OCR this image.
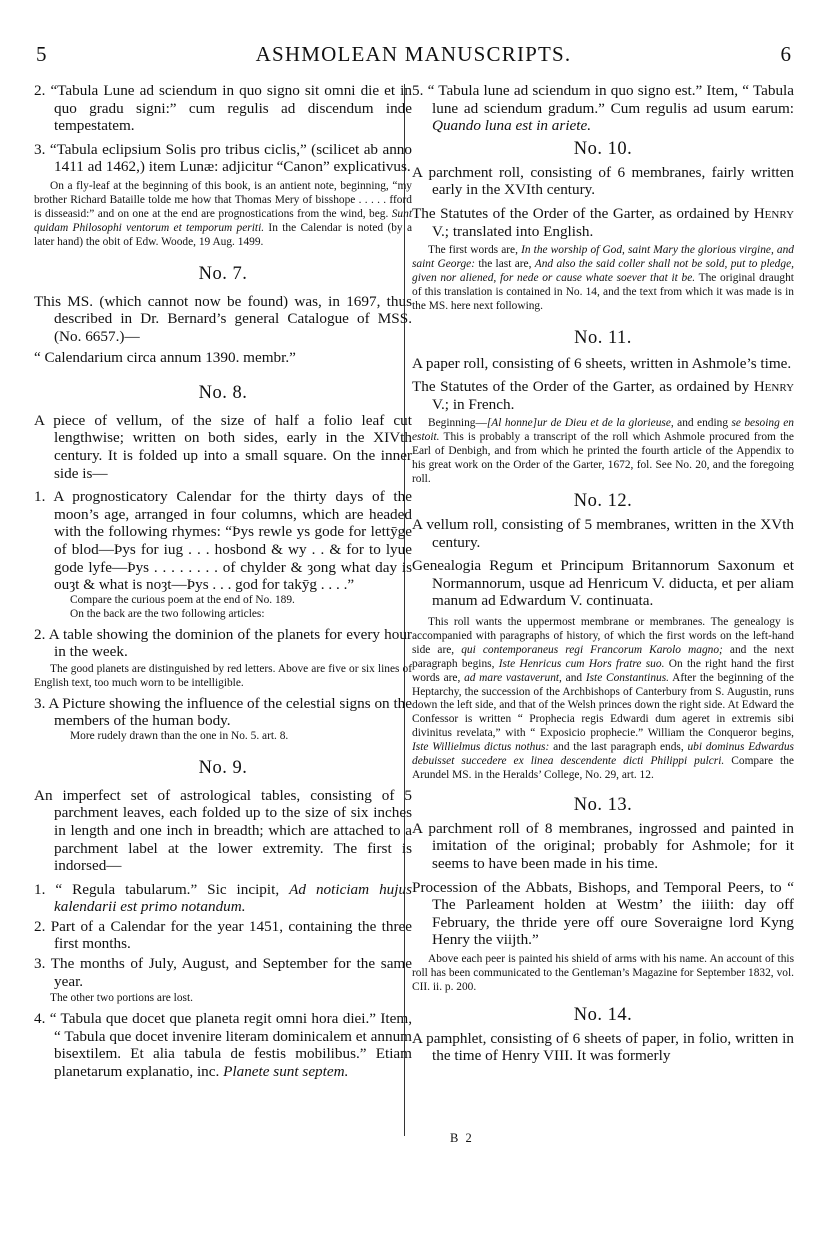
5	ASHMOLEAN MANUSCRIPTS.	6

2. “Tabula Lune ad sciendum in quo signo sit omni die et in quo gradu signi:” cum regulis ad discendum inde tempestatem.

3. “Tabula eclipsium Solis pro tribus ciclis,” (scilicet ab anno 1411 ad 1462,) item Lunæ: adjicitur “Canon” explicativus.

On a fly-leaf at the beginning of this book, is an antient note, beginning, “my brother Richard Bataille tolde me how that Thomas Mery of bisshope . . . . . fford is disseasid:” and on one at the end are prognostications from the wind, beg. Sunt quidam Philosophi ventorum et temporum periti. In the Calendar is noted (by a later hand) the obit of Edw. Woode, 19 Aug. 1499.

No. 7.

This MS. (which cannot now be found) was, in 1697, thus described in Dr. Bernard’s general Catalogue of MSS. (No. 6657.)—

“ Calendarium circa annum 1390. membr.”

No. 8.

A piece of vellum, of the size of half a folio leaf cut lengthwise; written on both sides, early in the XIVth century. It is folded up into a small square. On the inner side is—

1. A prognosticatory Calendar for the thirty days of the moon’s age, arranged in four columns, which are headed with the following rhymes: “Þys rewle ys gode for lettȳge of blod—Þys for iug . . . hosbond & wy . . & for to lyue gode lyfe—Þys . . . . . . . . of chylder & ȝong what day is ouȝt & what is noȝt—Þys . . . god for takȳg . . . .”

Compare the curious poem at the end of No. 189.

On the back are the two following articles:

2. A table showing the dominion of the planets for every hour in the week.

The good planets are distinguished by red letters. Above are five or six lines of English text, too much worn to be intelligible.

3. A Picture showing the influence of the celestial signs on the members of the human body.

More rudely drawn than the one in No. 5. art. 8.

No. 9.

An imperfect set of astrological tables, consisting of 5 parchment leaves, each folded up to the size of six inches in length and one inch in breadth; which are attached to a parchment label at the lower extremity. The first is indorsed—

1. “ Regula tabularum.” Sic incipit, Ad noticiam hujus kalendarii est primo notandum.

2. Part of a Calendar for the year 1451, containing the three first months.

3. The months of July, August, and September for the same year.

The other two portions are lost.

4. “ Tabula que docet que planeta regit omni hora diei.” Item, “ Tabula que docet invenire literam dominicalem et annum bisextilem. Et alia tabula de festis mobilibus.” Etiam planetarum explanatio, inc. Planete sunt septem.

5. “ Tabula lune ad sciendum in quo signo est.” Item, “ Tabula lune ad sciendum gradum.” Cum regulis ad usum earum: Quando luna est in ariete.

No. 10.

A parchment roll, consisting of 6 membranes, fairly written early in the XVIth century.

The Statutes of the Order of the Garter, as ordained by Henry V.; translated into English.

The first words are, In the worship of God, saint Mary the glorious virgine, and saint George: the last are, And also the said coller shall not be sold, put to pledge, given nor aliened, for nede or cause whate soever that it be. The original draught of this translation is contained in No. 14, and the text from which it was made is in the MS. here next following.

No. 11.

A paper roll, consisting of 6 sheets, written in Ashmole’s time.

The Statutes of the Order of the Garter, as ordained by Henry V.; in French.

Beginning—[Al honne]ur de Dieu et de la glorieuse, and ending se besoing en estoit. This is probably a transcript of the roll which Ashmole procured from the Earl of Denbigh, and from which he printed the fourth article of the Appendix to his great work on the Order of the Garter, 1672, fol. See No. 20, and the foregoing roll.

No. 12.

A vellum roll, consisting of 5 membranes, written in the XVth century.

Genealogia Regum et Principum Britannorum Saxonum et Normannorum, usque ad Henricum V. diducta, et per aliam manum ad Edwardum V. continuata.

This roll wants the uppermost membrane or membranes. The genealogy is accompanied with paragraphs of history, of which the first words on the left-hand side are, qui contemporaneus regi Francorum Karolo magno; and the next paragraph begins, Iste Henricus cum Hors fratre suo. On the right hand the first words are, ad mare vastaverunt, and Iste Constantinus. After the beginning of the Heptarchy, the succession of the Archbishops of Canterbury from S. Augustin, runs down the left side, and that of the Welsh princes down the right side. At Edward the Confessor is written “ Prophecia regis Edwardi dum ageret in extremis sibi divinitus revelata,” with “ Exposicio prophecie.” William the Conqueror begins, Iste Willielmus dictus nothus: and the last paragraph ends, ubi dominus Edwardus debuisset succedere ex linea descendente dicti Philippi pulcri. Compare the Arundel MS. in the Heralds’ College, No. 29, art. 12.

No. 13.

A parchment roll of 8 membranes, ingrossed and painted in imitation of the original; probably for Ashmole; for it seems to have been made in his time.

Procession of the Abbats, Bishops, and Temporal Peers, to “ The Parleament holden at Westm’ the iiiith: day off February, the thride yere off oure Soveraigne lord Kyng Henry the viijth.”

Above each peer is painted his shield of arms with his name. An account of this roll has been communicated to the Gentleman’s Magazine for September 1832, vol. CII. ii. p. 200.

No. 14.

A pamphlet, consisting of 6 sheets of paper, in folio, written in the time of Henry VIII. It was formerly

B 2
